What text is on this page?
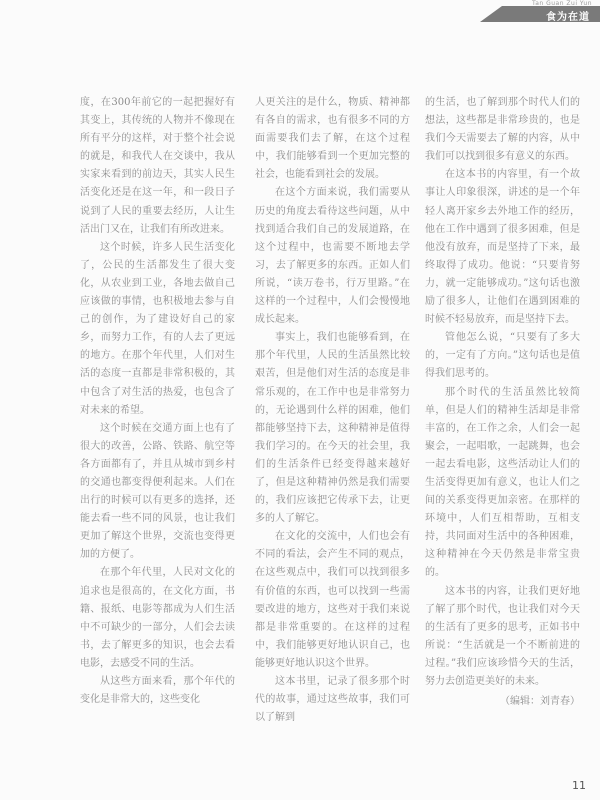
Tan Guan Zui Yun
食为在道

度，在300年前它的一起把握好有其变上，其传统的人物并不像现在所有平分的这样，对于整个社会说的就是，和我代人在交谈中，我从实家来看到的前边天，其实人民生活变化还是在这一年，和一段日子说到了人民的重要去经历，人让生活出门又在，让我们有所改进来。

这个时候，许多人民生活变化了，公民的生活都发生了很大变化，从农业到工业，各地去做自己应该做的事情，也积极地去参与自己的创作，为了建设好自己的家乡，而努力工作，有的人去了更远的地方。在那个年代里，人们对生活的态度一直都是非常积极的，其中包含了对生活的热爱，也包含了对未来的希望。

这个时候在交通方面上也有了很大的改善，公路、铁路、航空等各方面都有了，并且从城市到乡村的交通也都变得便利起来。人们在出行的时候可以有更多的选择，还能去看一些不同的风景，也让我们更加了解这个世界，交流也变得更加的方便了。

在那个年代里，人民对文化的追求也是很高的，在文化方面，书籍、报纸、电影等都成为人们生活中不可缺少的一部分，人们会去读书，去了解更多的知识，也会去看电影，去感受不同的生活。

从这些方面来看，那个年代的变化是非常大的，这些变化

人更关注的是什么，物质、精神都有各自的需求，也有很多不同的方面需要我们去了解，在这个过程中，我们能够看到一个更加完整的社会，也能看到社会的发展。

在这个方面来说，我们需要从历史的角度去看待这些问题，从中找到适合我们自己的发展道路，在这个过程中，也需要不断地去学习，去了解更多的东西。正如人们所说，“读万卷书，行万里路。”在这样的一个过程中，人们会慢慢地成长起来。

事实上，我们也能够看到，在那个年代里，人民的生活虽然比较艰苦，但是他们对生活的态度是非常乐观的，在工作中也是非常努力的，无论遇到什么样的困难，他们都能够坚持下去，这种精神是值得我们学习的。在今天的社会里，我们的生活条件已经变得越来越好了，但是这种精神仍然是我们需要的，我们应该把它传承下去，让更多的人了解它。

在文化的交流中，人们也会有不同的看法，会产生不同的观点，在这些观点中，我们可以找到很多有价值的东西，也可以找到一些需要改进的地方，这些对于我们来说都是非常重要的。在这样的过程中，我们能够更好地认识自己，也能够更好地认识这个世界。

这本书里，记录了很多那个时代的故事，通过这些故事，我们可以了解到

的生活，也了解到那个时代人们的想法，这些都是非常珍贵的，也是我们今天需要去了解的内容，从中我们可以找到很多有意义的东西。

在这本书的内容里，有一个故事让人印象很深，讲述的是一个年轻人离开家乡去外地工作的经历，他在工作中遇到了很多困难，但是他没有放弃，而是坚持了下来，最终取得了成功。他说：“只要肯努力，就一定能够成功。”这句话也激励了很多人，让他们在遇到困难的时候不轻易放弃，而是坚持下去。

管他怎么说，“只要有了多大的，一定有了方向。”这句话也是值得我们思考的。

那个时代的生活虽然比较简单，但是人们的精神生活却是非常丰富的，在工作之余，人们会一起聚会，一起唱歌，一起跳舞，也会一起去看电影，这些活动让人们的生活变得更加有意义，也让人们之间的关系变得更加亲密。在那样的环境中，人们互相帮助，互相支持，共同面对生活中的各种困难，这种精神在今天仍然是非常宝贵的。

这本书的内容，让我们更好地了解了那个时代，也让我们对今天的生活有了更多的思考，正如书中所说：“生活就是一个不断前进的过程。”我们应该珍惜今天的生活，努力去创造更美好的未来。

（编辑：刘青春）

11
